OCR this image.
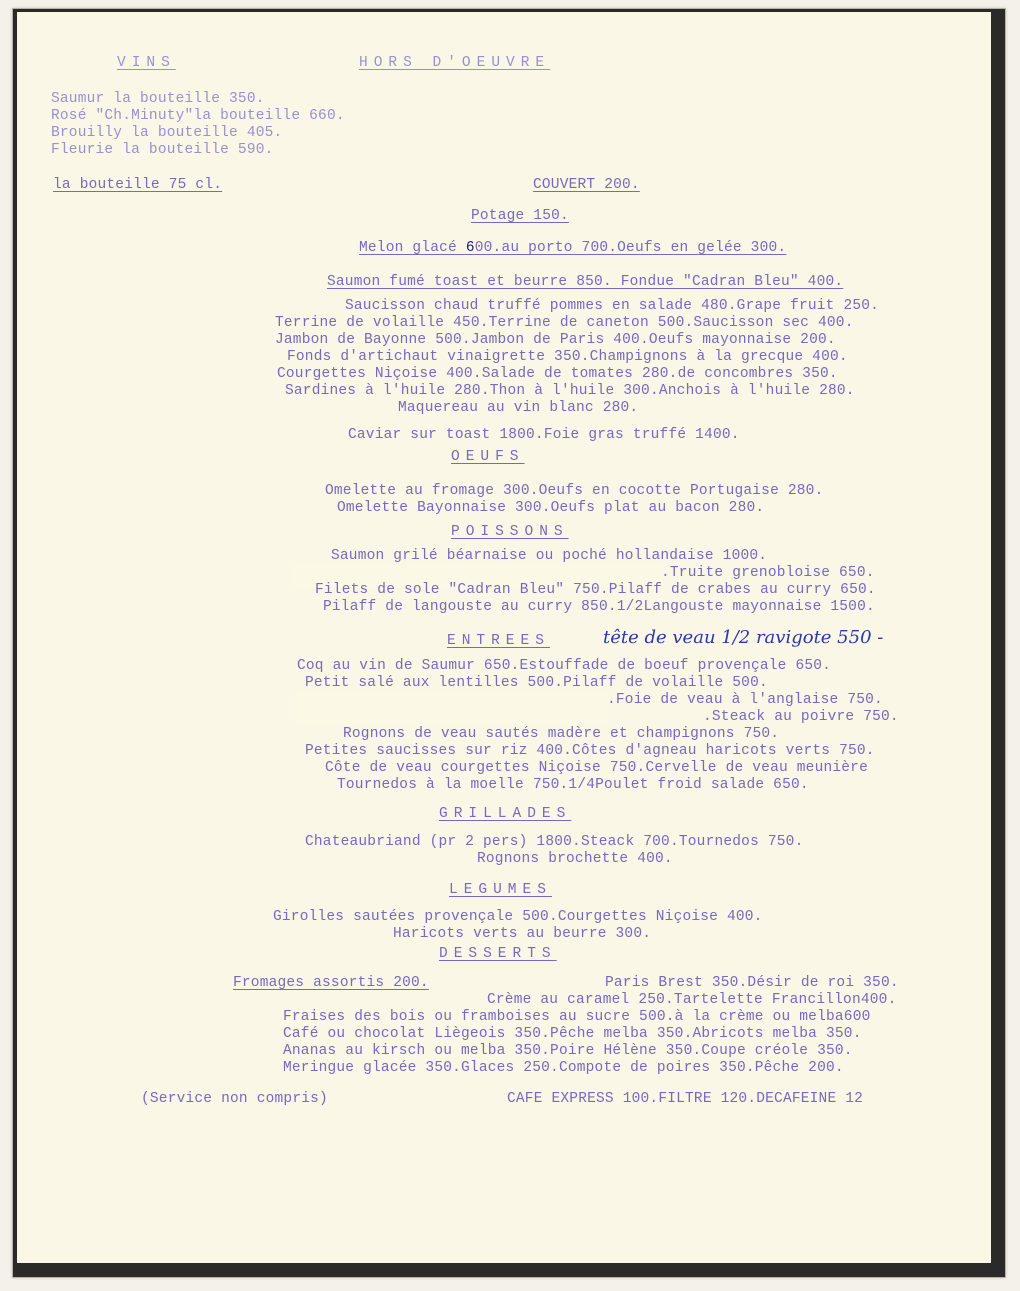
VINS	HORS D'OEUVRE
Saumur la bouteille 350.
Rosé "Ch.Minuty"la bouteille 660.
Brouilly la bouteille 405.
Fleurie la bouteille 590.
la bouteille 75 cl.	COUVERT 200.
Potage 150.
Melon glacé 600.au porto 700.Oeufs en gelée 300.
Saumon fumé toast et beurre 850. Fondue "Cadran Bleu" 400.
Saucisson chaud truffé pommes en salade 480.Grape fruit 250.
Terrine de volaille 450.Terrine de caneton 500.Saucisson sec 400.
Jambon de Bayonne 500.Jambon de Paris 400.Oeufs mayonnaise 200.
Fonds d'artichaut vinaigrette 350.Champignons à la grecque 400.
Courgettes Niçoise 400.Salade de tomates 280.de concombres 350.
Sardines à l'huile 280.Thon à l'huile 300.Anchois à l'huile 280.
Maquereau au vin blanc 280.
Caviar sur toast 1800.Foie gras truffé 1400.
OEUFS
Omelette au fromage 300.Oeufs en cocotte Portugaise 280.
Omelette Bayonnaise 300.Oeufs plat au bacon 280.
POISSONS
Saumon grilé béarnaise ou poché hollandaise 1000.
.Truite grenobloise 650.
Filets de sole "Cadran Bleu" 750.Pilaff de crabes au curry 650.
Pilaff de langouste au curry 850.1/2Langouste mayonnaise 1500.
ENTREES	tête de veau 1/2 ravigote 550 -
Coq au vin de Saumur 650.Estouffade de boeuf provençale 650.
Petit salé aux lentilles 500.Pilaff de volaille 500.
.Foie de veau à l'anglaise 750.
.Steack au poivre 750.
Rognons de veau sautés madère et champignons 750.
Petites saucisses sur riz 400.Côtes d'agneau haricots verts 750.
Côte de veau courgettes Niçoise 750.Cervelle de veau meunière
Tournedos à la moelle 750.1/4Poulet froid salade 650.
GRILLADES
Chateaubriand (pr 2 pers) 1800.Steack 700.Tournedos 750.
Rognons brochette 400.
LEGUMES
Girolles sautées provençale 500.Courgettes Niçoise 400.
Haricots verts au beurre 300.
DESSERTS
Fromages assortis 200.	Paris Brest 350.Désir de roi 350.
Crème au caramel 250.Tartelette Francillon400.
Fraises des bois ou framboises au sucre 500.à la crème ou melba600
Café ou chocolat Liègeois 350.Pêche melba 350.Abricots melba 350.
Ananas au kirsch ou melba 350.Poire Hélène 350.Coupe créole 350.
Meringue glacée 350.Glaces 250.Compote de poires 350.Pêche 200.
(Service non compris)	CAFE EXPRESS 100.FILTRE 120.DECAFEINE 12
